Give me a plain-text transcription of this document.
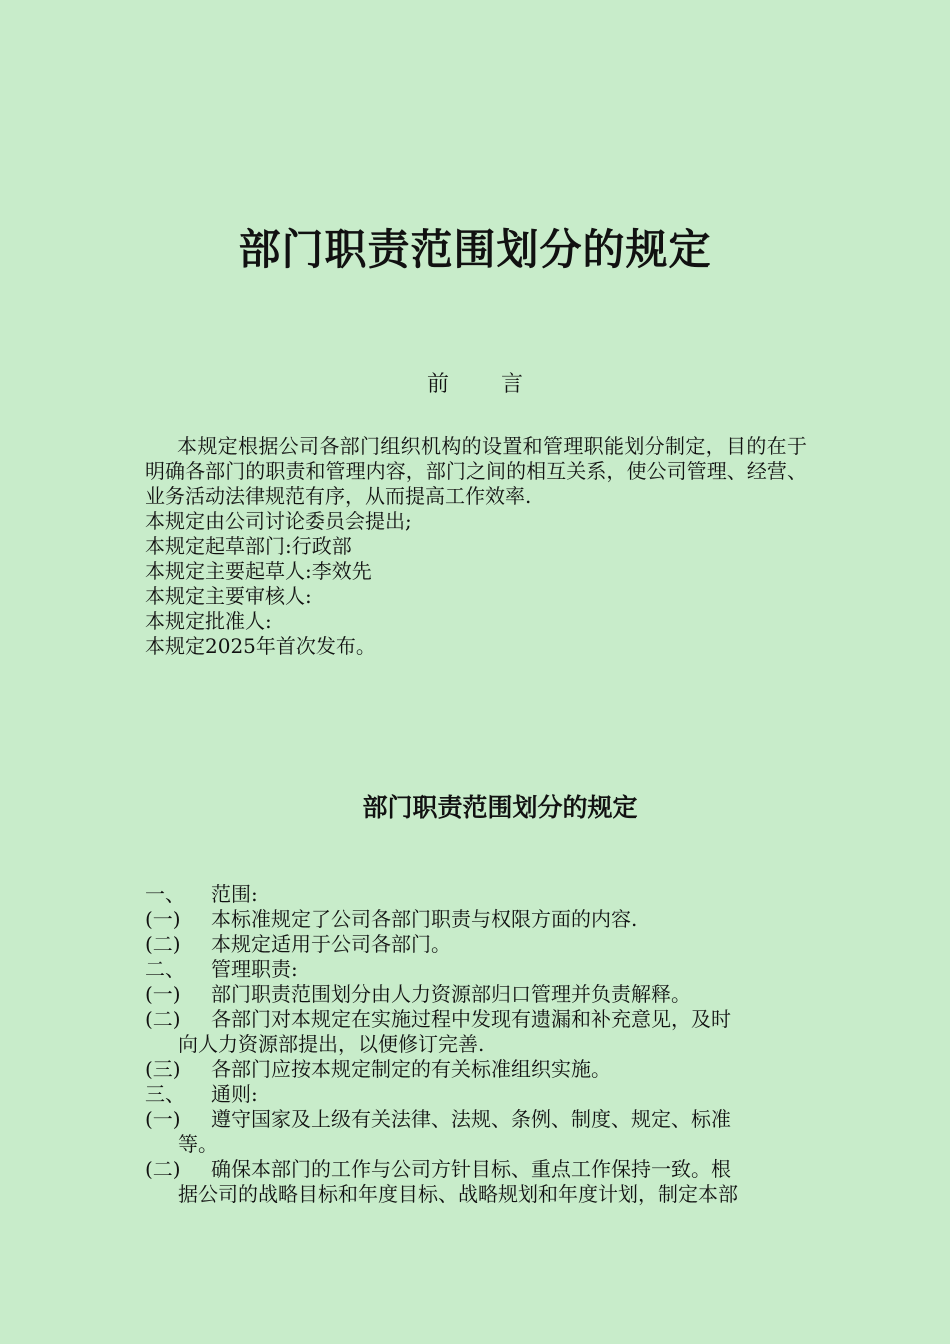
部门职责范围划分的规定
前 言

本规定根据公司各部门组织机构的设置和管理职能划分制定，目的在于明确各部门的职责和管理内容，部门之间的相互关系，使公司管理、经营、业务活动法律规范有序，从而提高工作效率.

本规定由公司讨论委员会提出;

本规定起草部门:行政部

本规定主要起草人:李效先

本规定主要审核人:

本规定批准人:

本规定2025年首次发布。

部门职责范围划分的规定
一、	范围:
(一)	本标准规定了公司各部门职责与权限方面的内容.
(二)	本规定适用于公司各部门。
二、	管理职责:
(一)	部门职责范围划分由人力资源部归口管理并负责解释。
(二)	各部门对本规定在实施过程中发现有遗漏和补充意见，及时
向人力资源部提出，以便修订完善.
(三)	各部门应按本规定制定的有关标准组织实施。
三、	通则:
(一)	遵守国家及上级有关法律、法规、条例、制度、规定、标准
等。
(二)	确保本部门的工作与公司方针目标、重点工作保持一致。根
据公司的战略目标和年度目标、战略规划和年度计划，制定本部
